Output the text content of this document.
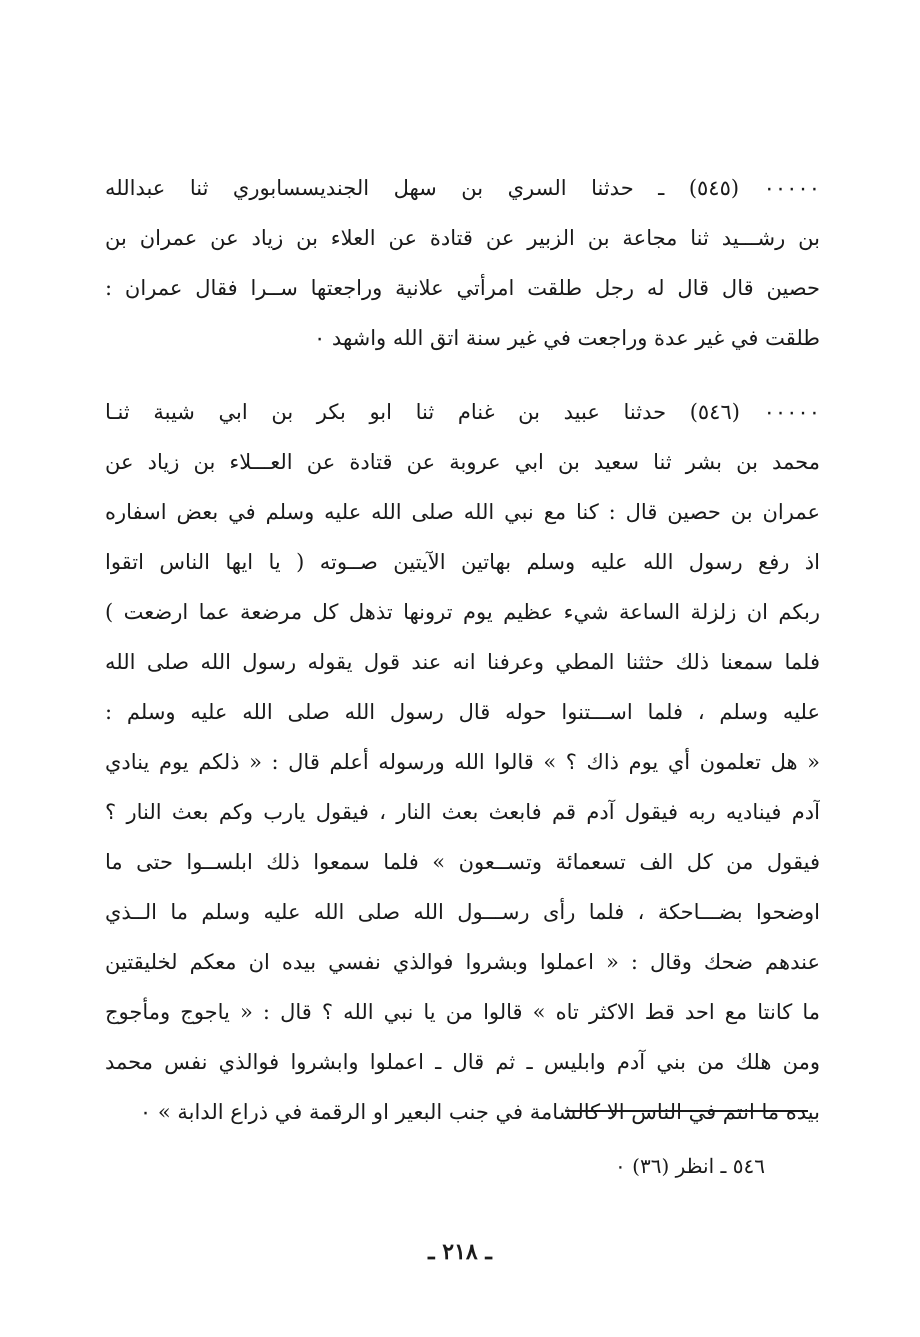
٠٠٠٠٠ (٥٤٥) ـ حدثنا السري بن سهل الجنديسسابوري ثنا عبدالله
بن رشـــيد ثنا مجاعة بن الزبير عن قتادة عن العلاء بن زياد عن عمران بن
حصين قال قال له رجل طلقت امرأتي علانية وراجعتها ســرا فقال عمران :
طلقت في غير عدة وراجعت في غير سنة اتق الله واشهد ٠
٠٠٠٠٠ (٥٤٦) حدثنا عبيد بن غنام ثنا ابو بكر بن ابي شيبة ثنـا
محمد بن بشر ثنا سعيد بن ابي عروبة عن قتادة عن العـــلاء بن زياد عن
عمران بن حصين قال : كنا مع نبي الله صلى الله عليه وسلم في بعض اسفاره
اذ رفع رسول الله عليه وسلم بهاتين الآيتين صــوته ( يا ايها الناس اتقوا
ربكم ان زلزلة الساعة شيء عظيم يوم ترونها تذهل كل مرضعة عما ارضعت )
فلما سمعنا ذلك حثثنا المطي وعرفنا انه عند قول يقوله رسول الله صلى الله
عليه وسلم ، فلما اســـتنوا حوله قال رسول الله صلى الله عليه وسلم :
« هل تعلمون أي يوم ذاك ؟ » قالوا الله ورسوله أعلم قال : « ذلكم يوم ينادي
آدم فيناديه ربه فيقول آدم قم فابعث بعث النار ، فيقول يارب وكم بعث النار ؟
فيقول من كل الف تسعمائة وتســعون » فلما سمعوا ذلك ابلســوا حتى ما
اوضحوا بضـــاحكة ، فلما رأى رســـول الله صلى الله عليه وسلم ما الــذي
عندهم ضحك وقال : « اعملوا وبشروا فوالذي نفسي بيده ان معكم لخليقتين
ما كانتا مع احد قط الاكثر تاه » قالوا من يا نبي الله ؟ قال : « ياجوج ومأجوج
ومن هلك من بني آدم وابليس ـ ثم قال ـ اعملوا وابشروا فوالذي نفس محمد
بيده ما انتم في الناس الا كالشامة في جنب البعير او الرقمة في ذراع الدابة » ٠
٥٤٦ ـ انظر (٣٦) ٠
ـ ٢١٨ ـ
